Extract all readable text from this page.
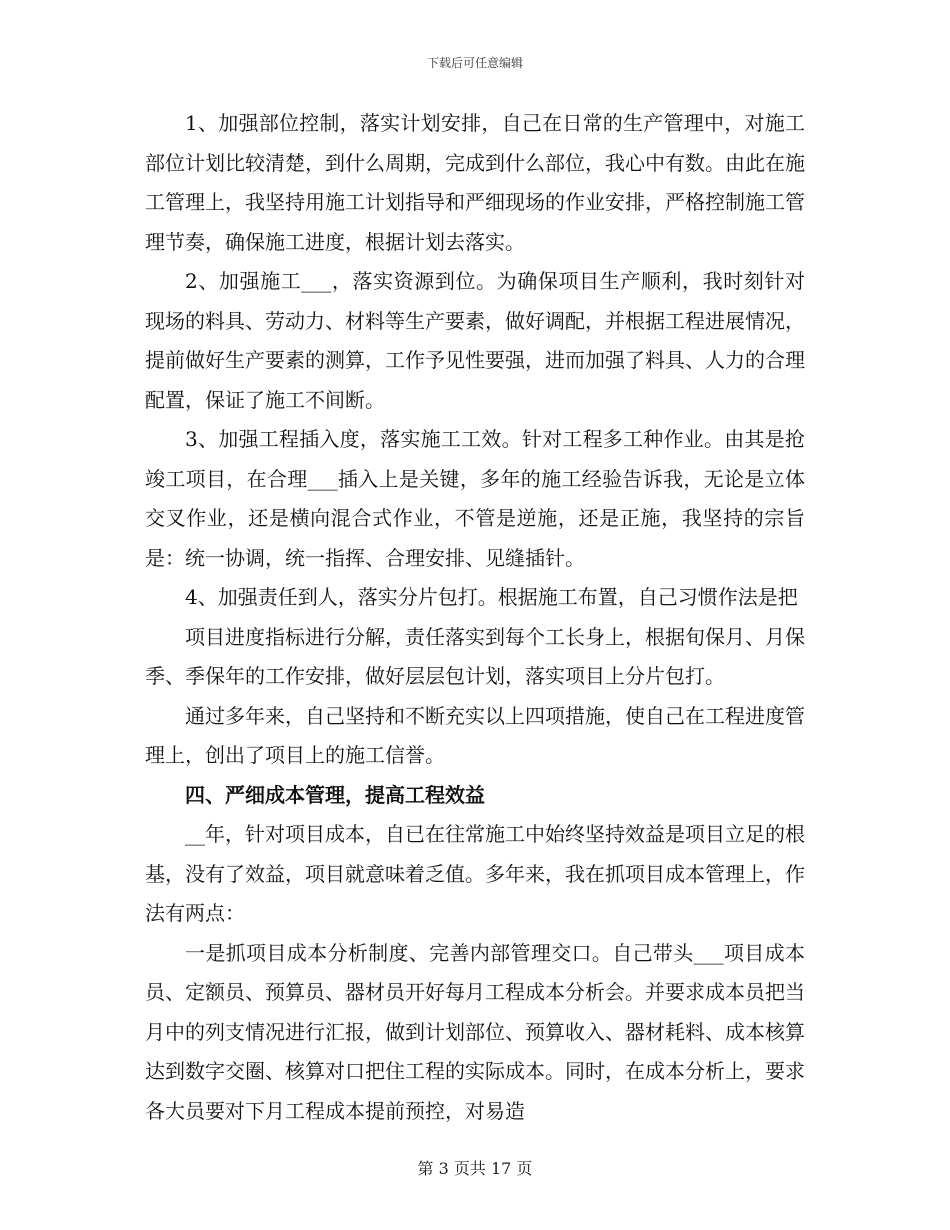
下载后可任意编辑

1、加强部位控制，落实计划安排，自己在日常的生产管理中，对施工部位计划比较清楚，到什么周期，完成到什么部位，我心中有数。由此在施工管理上，我坚持用施工计划指导和严细现场的作业安排，严格控制施工管理节奏，确保施工进度，根据计划去落实。

2、加强施工___，落实资源到位。为确保项目生产顺利，我时刻针对现场的料具、劳动力、材料等生产要素，做好调配，并根据工程进展情况，提前做好生产要素的测算，工作予见性要强，进而加强了料具、人力的合理配置，保证了施工不间断。

3、加强工程插入度，落实施工工效。针对工程多工种作业。由其是抢竣工项目，在合理___插入上是关键，多年的施工经验告诉我，无论是立体交叉作业，还是横向混合式作业，不管是逆施，还是正施，我坚持的宗旨是：统一协调，统一指挥、合理安排、见缝插针。

4、加强责任到人，落实分片包打。根据施工布置，自己习惯作法是把

项目进度指标进行分解，责任落实到每个工长身上，根据旬保月、月保季、季保年的工作安排，做好层层包计划，落实项目上分片包打。

通过多年来，自己坚持和不断充实以上四项措施，使自己在工程进度管理上，创出了项目上的施工信誉。

四、严细成本管理，提高工程效益

__年，针对项目成本，自已在往常施工中始终坚持效益是项目立足的根基，没有了效益，项目就意味着乏值。多年来，我在抓项目成本管理上，作法有两点：

一是抓项目成本分析制度、完善内部管理交口。自己带头___项目成本员、定额员、预算员、器材员开好每月工程成本分析会。并要求成本员把当月中的列支情况进行汇报，做到计划部位、预算收入、器材耗料、成本核算达到数字交圈、核算对口把住工程的实际成本。同时，在成本分析上，要求各大员要对下月工程成本提前预控，对易造

第 3 页共 17 页
